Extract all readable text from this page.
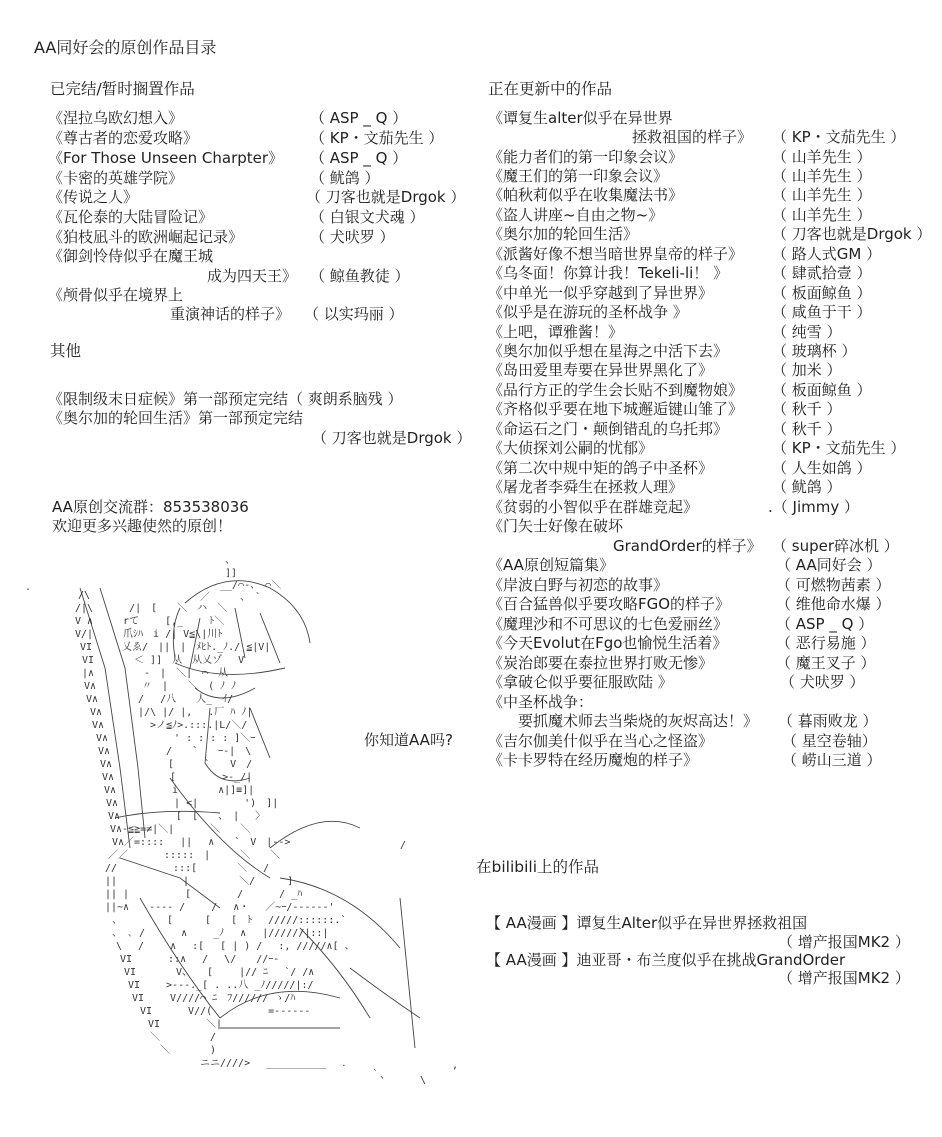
AA同好会的原创作品目录
已完结/暂时搁置作品
《涅拉乌欧幻想入》	（ ASP _ Q ）
《尊古者的恋爱攻略》	（ KP・文茄先生 ）
《For Those Unseen Charpter》 （ ASP _ Q ）
《卡密的英雄学院》	（ 鱿鸽 ）
《传说之人》	（ 刀客也就是Drgok ）
《瓦伦泰的大陆冒险记》	（ 白银文犬魂 ）
《狛枝凪斗的欧洲崛起记录》	（ 犬吠罗 ）
《御剑怜侍似乎在魔王城
成为四天王》 （ 鲸鱼教徒 ）
《颅骨似乎在境界上
重演神话的样子》 （ 以实玛丽 ）
其他
《限制级末日症候》第一部预定完结（ 爽朗系脑残 ）
《奥尔加的轮回生活》第一部预定完结
（ 刀客也就是Drgok ）
AA原创交流群：853538036
欢迎更多兴趣使然的原创！
、
]]
__/⌒‐、　⌒＼
/\	／　　　、　`
/|\　　　 /|　[　　＼　ハ　＼
V ∧　　　rて　　 [,_　　 ﾄ＼
V/|　　　爪ｼﾊ　i /| V≦\|川ﾄ
VI　　　乂ゑ/　||　|　ﾒﾋﾄ._ﾉ./ ≦|V|
VI　　　　＜ ]]　从　从乂ゾ　 V
|∧　　　　　‐　|　＼|　⌒　从
V∧　　　　 〃　|　　＼　( ﾉ ﾉ
V∧　　　　/　 /八　　人_　ｲ/
V∧　　　 |/\ |/ |,　 .厂 ﾊ ﾉ|
V∧　　　　 >ノ≦ﾉ>.:::.|L/＼/
V∧　　　　　　 ' : : : : ]＼ｰ
V∧　　　　　 /　　`　　ｰ‐|　\
V∧　　　　　 [　　　`　　V　/
V∧　　　　　 [　　　　 >‐_/|
V∧　　　　　 i　　　　∧|]≡]|
V∧　　　　　 | <|　　　　 ')　]|
V∧　　　　　 [　[　　、　|　 〉
V∧‐≦≧=≠|＼|　　　 ＼　　＼
V∧／=::::　 ||　 ∧　　`　V　|‐‐>
／／　　　 :::::　|　　　＼　　＼
//　　　　　 :::[　　　　＼　 /
||　　　　　　 |　　　　　＼/　 　 ]
|| |　　　　　 [　　　　 /　　　 / _ﾊ
||~∧　　‐‐‐‐ /　　 /　 ∧・　 ／~ｰ/‐‐‐‐‐‐'
、　　　　　[　 　 [　　[　ﾄ　 /////::::::.`
、 ､ /　　　 ∧　　 _ﾉ　 ∧　 |//////|::|
\　 /　　 ∧　 :[　 [ | ) /　 :, /////∧[ 、
VI　　　 ::∧　 /　 \/　　//ｰ‐　
VI　　　　V、　　[　　 |// ﾆ　 `/ /∧
VI　　 >‐‐‐._[ . ..八 _ﾉ/////|:/
VI　　 V////⌒ ﾆ　ﾌ////// ゝ/ﾊ
VI　　　 V//(　　　　　 =‐‐‐‐‐‐
VI　　　　 ＼|
＼　　　　　/
＼　　　　)
ニニ////>　 __________　 ．
｀、	\
.
,
/
你知道AA吗?
正在更新中的作品
《谭复生alter似乎在异世界
拯救祖国的样子》 （ KP・文茄先生 ）
《能力者们的第一印象会议》	（ 山羊先生 ）
《魔王们的第一印象会议》	（ 山羊先生 ）
《帕秋莉似乎在收集魔法书》	（ 山羊先生 ）
《盗人讲座~自由之物~》	（ 山羊先生 ）
《奥尔加的轮回生活》	（ 刀客也就是Drgok ）
《派酱好像不想当暗世界皇帝的样子》 （ 路人式GM ）
《乌冬面！你算计我！Tekeli-li！ 》	（ 肆贰拾壹 ）
《中单光一似乎穿越到了异世界》	（ 板面鲸鱼 ）
《似乎是在游玩的圣杯战争 》	（ 咸鱼于干 ）
《上吧，谭雅酱！》	（ 纯雪 ）
《奥尔加似乎想在星海之中活下去》	（ 玻璃杯 ）
《岛田爱里寿要在异世界黑化了》	（ 加米 ）
《品行方正的学生会长贴不到魔物娘》 （ 板面鲸鱼 ）
《齐格似乎要在地下城邂逅键山雏了》 （ 秋千 ）
《命运石之门・颠倒错乱的乌托邦》	（ 秋千 ）
《大侦探刘公嗣的忧郁》	（ KP・文茄先生 ）
《第二次中规中矩的鸽子中圣杯》	（ 人生如鸽 ）
《屠龙者李舜生在拯救人理》	（ 鱿鸽 ）
《贫弱的小智似乎在群雄竞起》	.（ Jimmy ）
《门矢士好像在破坏
GrandOrder的样子》 （ super碎冰机 ）
《AA原创短篇集》	（ AA同好会 ）
《岸波白野与初恋的故事》	（ 可燃物茜素 ）
《百合猛兽似乎要攻略FGO的样子》	（ 维他命水爆 ）
《魔理沙和不可思议的七色爱丽丝》	（ ASP _ Q ）
《今天Evolut在Fgo也愉悦生活着》	（ 恶行易施 ）
《炭治郎要在泰拉世界打败无惨》	（ 魔王叉子 ）
《拿破仑似乎要征服欧陆 》	（ 犬吠罗 ）
《中圣杯战争：
要抓魔术师去当柴烧的灰烬高达！》 （ 暮雨败龙 ）
《吉尔伽美什似乎在当心之怪盗》	（ 星空卷轴）
《卡卡罗特在经历魔炮的样子》	（ 崂山三道 ）
在bilibili上的作品
【 AA漫画 】谭复生Alter似乎在异世界拯救祖国
（ 增产报国MK2 ）
【 AA漫画 】迪亚哥・布兰度似乎在挑战GrandOrder
（ 增产报国MK2 ）
